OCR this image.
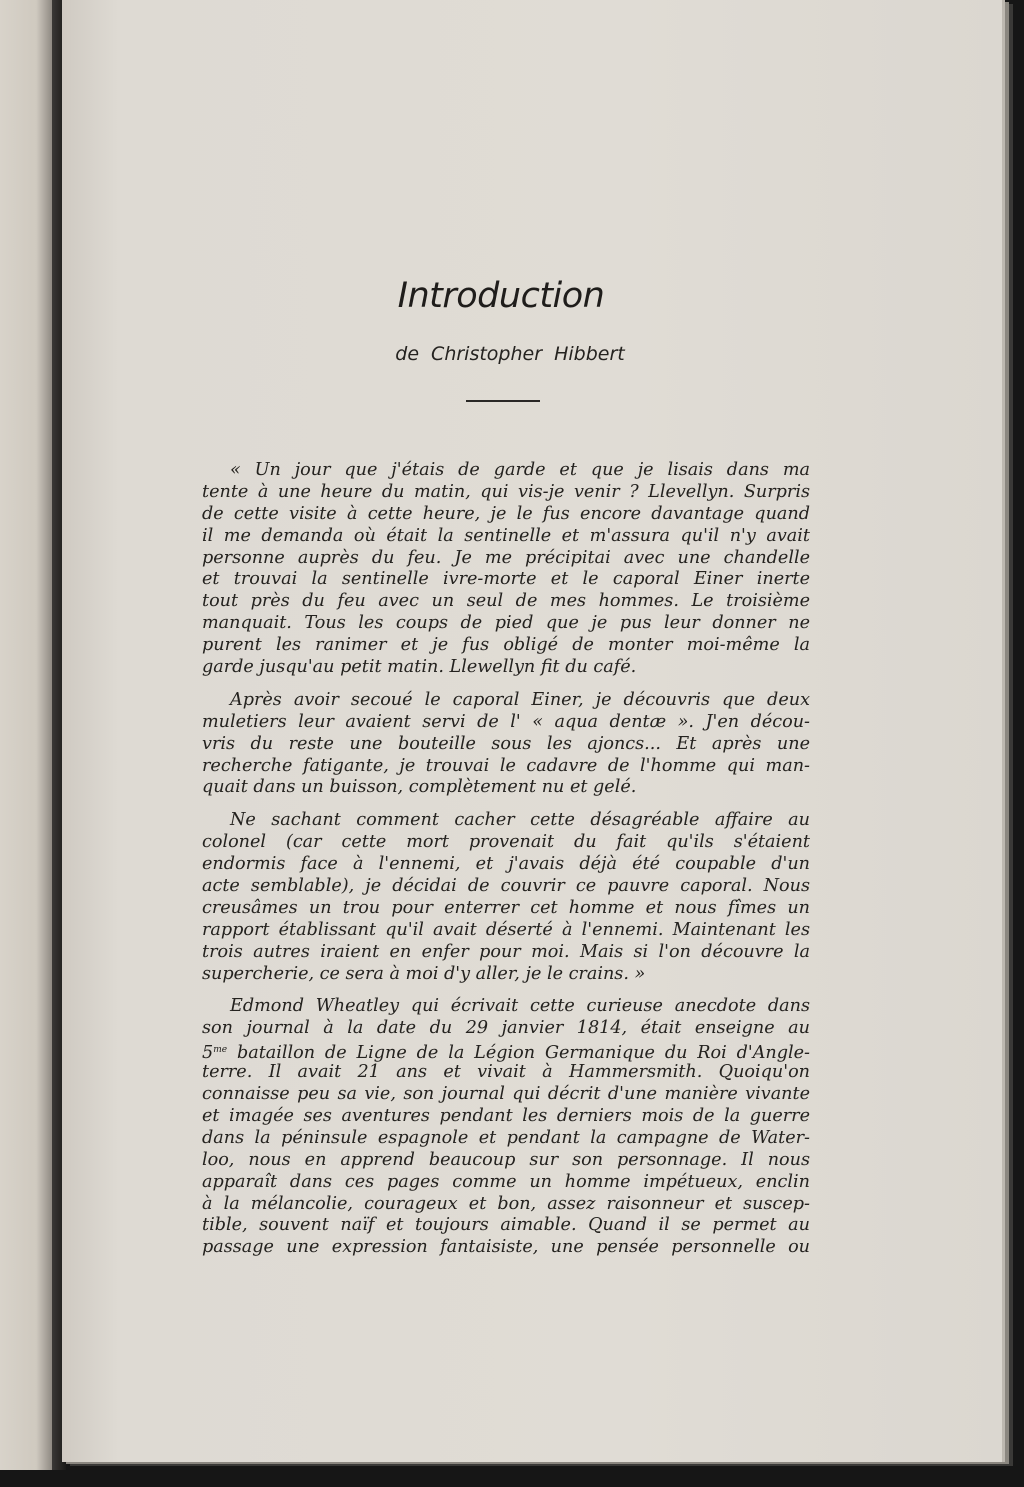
Introduction
de Christopher Hibbert
« Un jour que j'étais de garde et que je lisais dans ma
tente à une heure du matin, qui vis-je venir ? Llevellyn. Surpris
de cette visite à cette heure, je le fus encore davantage quand
il me demanda où était la sentinelle et m'assura qu'il n'y avait
personne auprès du feu. Je me précipitai avec une chandelle
et trouvai la sentinelle ivre-morte et le caporal Einer inerte
tout près du feu avec un seul de mes hommes. Le troisième
manquait. Tous les coups de pied que je pus leur donner ne
purent les ranimer et je fus obligé de monter moi-même la
garde jusqu'au petit matin. Llewellyn fit du café.
Après avoir secoué le caporal Einer, je découvris que deux
muletiers leur avaient servi de l' « aqua dentæ ». J'en décou-
vris du reste une bouteille sous les ajoncs... Et après une
recherche fatigante, je trouvai le cadavre de l'homme qui man-
quait dans un buisson, complètement nu et gelé.
Ne sachant comment cacher cette désagréable affaire au
colonel (car cette mort provenait du fait qu'ils s'étaient
endormis face à l'ennemi, et j'avais déjà été coupable d'un
acte semblable), je décidai de couvrir ce pauvre caporal. Nous
creusâmes un trou pour enterrer cet homme et nous fîmes un
rapport établissant qu'il avait déserté à l'ennemi. Maintenant les
trois autres iraient en enfer pour moi. Mais si l'on découvre la
supercherie, ce sera à moi d'y aller, je le crains. »
Edmond Wheatley qui écrivait cette curieuse anecdote dans
son journal à la date du 29 janvier 1814, était enseigne au
$5^{me}$ bataillon de Ligne de la Légion Germanique du Roi d'Angle-
terre. Il avait 21 ans et vivait à Hammersmith. Quoiqu'on
connaisse peu sa vie, son journal qui décrit d'une manière vivante
et imagée ses aventures pendant les derniers mois de la guerre
dans la péninsule espagnole et pendant la campagne de Water-
loo, nous en apprend beaucoup sur son personnage. Il nous
apparaît dans ces pages comme un homme impétueux, enclin
à la mélancolie, courageux et bon, assez raisonneur et suscep-
tible, souvent naïf et toujours aimable. Quand il se permet au
passage une expression fantaisiste, une pensée personnelle ou
